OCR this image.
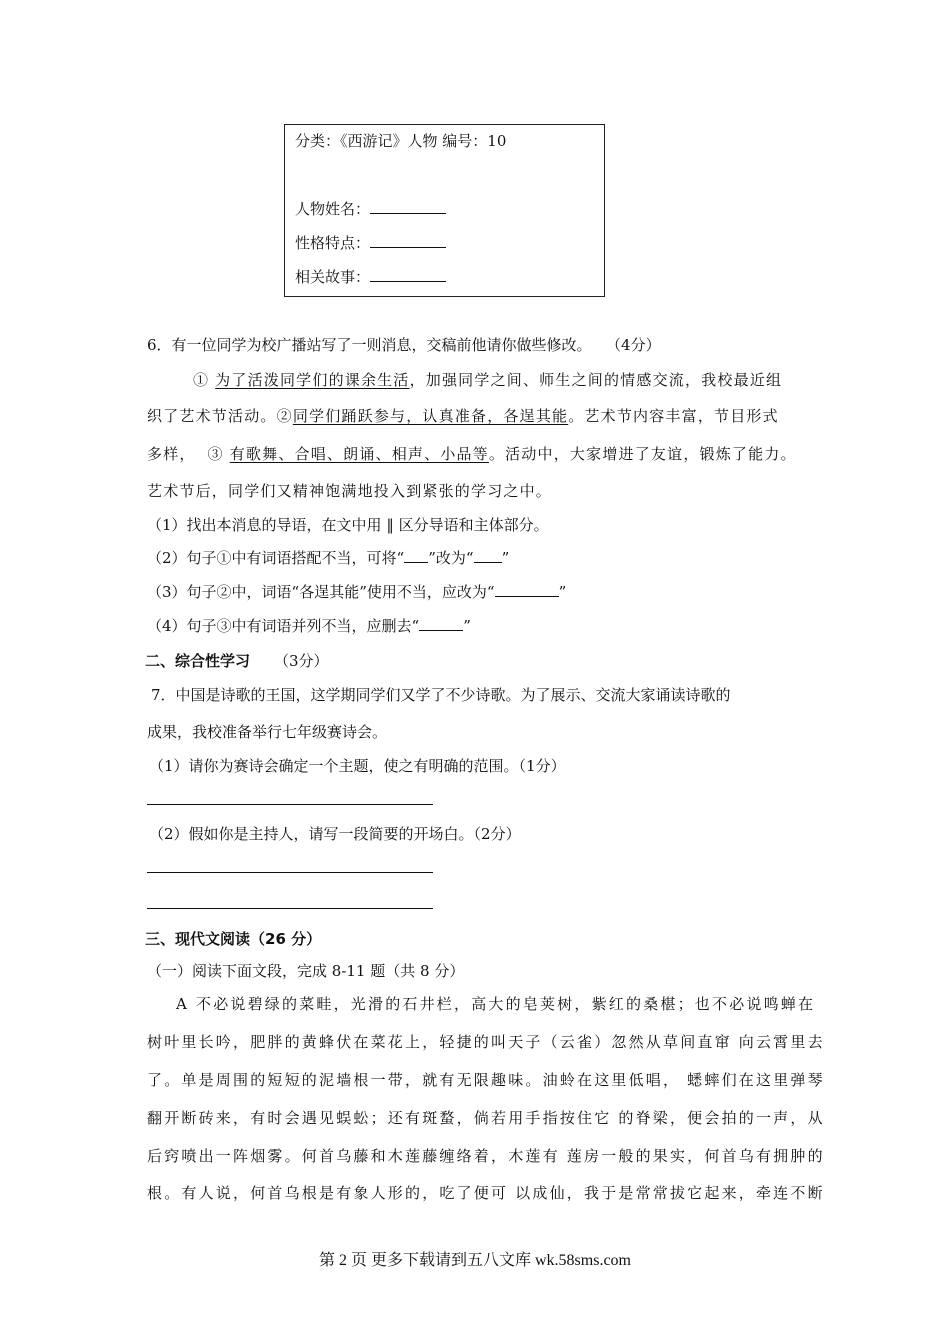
分类：《西游记》人物 编号：10
人物姓名：
性格特点：
相关故事：
6．有一位同学为校广播站写了一则消息，交稿前他请你做些修改。 （4分）
① 为了活泼同学们的课余生活，加强同学之间、师生之间的情感交流，我校最近组
织了艺术节活动。②同学们踊跃参与，认真准备，各逞其能。艺术节内容丰富，节目形式
多样，  ③ 有歌舞、合唱、朗诵、相声、小品等。活动中，大家增进了友谊，锻炼了能力。
艺术节后，同学们又精神饱满地投入到紧张的学习之中。
（1）找出本消息的导语，在文中用 ‖ 区分导语和主体部分。
（2）句子①中有词语搭配不当，可将“ ”改为“ ”
（3）句子②中，词语“各逞其能”使用不当，应改为“	”
（4）句子③中有词语并列不当，应删去“	”
二、综合性学习 （3分）
7．中国是诗歌的王国，这学期同学们又学了不少诗歌。为了展示、交流大家诵读诗歌的
成果，我校准备举行七年级赛诗会。
（1）请你为赛诗会确定一个主题，使之有明确的范围。（1分）
（2）假如你是主持人，请写一段简要的开场白。（2分）
三、现代文阅读（26 分）
（一）阅读下面文段，完成 8-11 题（共 8 分）
A 不必说碧绿的菜畦，光滑的石井栏，高大的皂荚树，紫红的桑椹；也不必说鸣蝉在
树叶里长吟，肥胖的黄蜂伏在菜花上，轻捷的叫天子（云雀）忽然从草间直窜 向云霄里去
了。单是周围的短短的泥墙根一带，就有无限趣味。油蛉在这里低唱， 蟋蟀们在这里弹琴
翻开断砖来，有时会遇见蜈蚣；还有斑蝥，倘若用手指按住它 的脊梁，便会拍的一声，从
后窍喷出一阵烟雾。何首乌藤和木莲藤缠络着，木莲有 莲房一般的果实，何首乌有拥肿的
根。有人说，何首乌根是有象人形的，吃了便可 以成仙，我于是常常拔它起来，牵连不断
第 2 页 更多下载请到五八文库 wk.58sms.com
